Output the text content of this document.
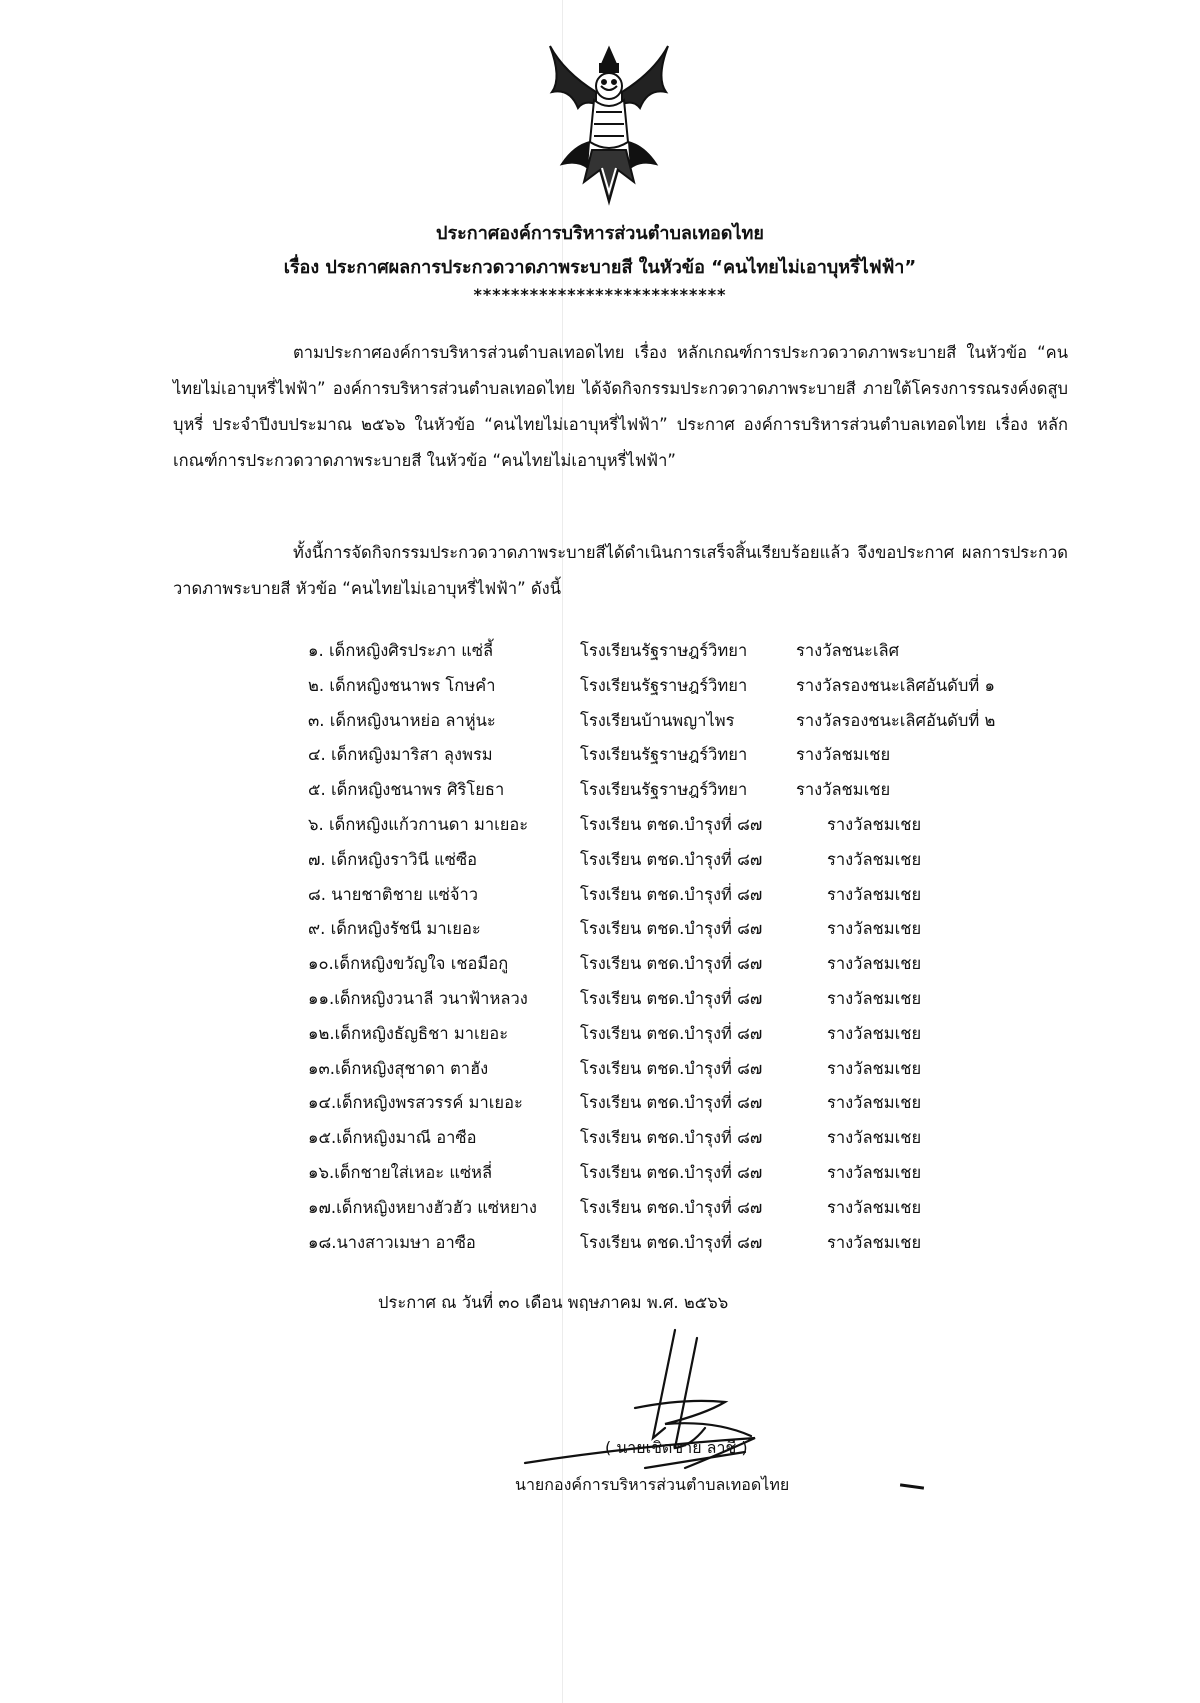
ประกาศองค์การบริหารส่วนตำบลเทอดไทย
เรื่อง ประกาศผลการประกวดวาดภาพระบายสี ในหัวข้อ “คนไทยไม่เอาบุหรี่ไฟฟ้า”
***************************
ตามประกาศองค์การบริหารส่วนตำบลเทอดไทย เรื่อง หลักเกณฑ์การประกวดวาดภาพระบายสี ในหัวข้อ “คนไทยไม่เอาบุหรี่ไฟฟ้า” องค์การบริหารส่วนตำบลเทอดไทย ได้จัดกิจกรรมประกวดวาดภาพระบายสี ภายใต้โครงการรณรงค์งดสูบบุหรี่ ประจำปีงบประมาณ ๒๕๖๖ ในหัวข้อ “คนไทยไม่เอาบุหรี่ไฟฟ้า” ประกาศ องค์การบริหารส่วนตำบลเทอดไทย เรื่อง หลักเกณฑ์การประกวดวาดภาพระบายสี ในหัวข้อ “คนไทยไม่เอาบุหรี่ไฟฟ้า”
ทั้งนี้การจัดกิจกรรมประกวดวาดภาพระบายสีได้ดำเนินการเสร็จสิ้นเรียบร้อยแล้ว จึงขอประกาศ ผลการประกวดวาดภาพระบายสี หัวข้อ “คนไทยไม่เอาบุหรี่ไฟฟ้า” ดังนี้
๑. เด็กหญิงศิรประภา แซ่ลี้	โรงเรียนรัฐราษฎร์วิทยา	รางวัลชนะเลิศ
๒. เด็กหญิงชนาพร โกษคำ	โรงเรียนรัฐราษฎร์วิทยา	รางวัลรองชนะเลิศอันดับที่ ๑
๓. เด็กหญิงนาหย่อ ลาหู่นะ	โรงเรียนบ้านพญาไพร	รางวัลรองชนะเลิศอันดับที่ ๒
๔. เด็กหญิงมาริสา ลุงพรม	โรงเรียนรัฐราษฎร์วิทยา	รางวัลชมเชย
๕. เด็กหญิงชนาพร ศิริโยธา	โรงเรียนรัฐราษฎร์วิทยา	รางวัลชมเชย
๖. เด็กหญิงแก้วกานดา มาเยอะ	โรงเรียน ตชด.บำรุงที่ ๘๗	รางวัลชมเชย
๗. เด็กหญิงราวินี แซ่ซือ	โรงเรียน ตชด.บำรุงที่ ๘๗	รางวัลชมเชย
๘. นายชาติชาย แซ่จ้าว	โรงเรียน ตชด.บำรุงที่ ๘๗	รางวัลชมเชย
๙. เด็กหญิงรัชนี มาเยอะ	โรงเรียน ตชด.บำรุงที่ ๘๗	รางวัลชมเชย
๑๐.เด็กหญิงขวัญใจ เชอมือกู	โรงเรียน ตชด.บำรุงที่ ๘๗	รางวัลชมเชย
๑๑.เด็กหญิงวนาลี วนาฟ้าหลวง	โรงเรียน ตชด.บำรุงที่ ๘๗	รางวัลชมเชย
๑๒.เด็กหญิงธัญธิชา มาเยอะ	โรงเรียน ตชด.บำรุงที่ ๘๗	รางวัลชมเชย
๑๓.เด็กหญิงสุชาดา ตาฮัง	โรงเรียน ตชด.บำรุงที่ ๘๗	รางวัลชมเชย
๑๔.เด็กหญิงพรสวรรค์ มาเยอะ	โรงเรียน ตชด.บำรุงที่ ๘๗	รางวัลชมเชย
๑๕.เด็กหญิงมาณี อาซือ	โรงเรียน ตชด.บำรุงที่ ๘๗	รางวัลชมเชย
๑๖.เด็กชายใส่เหอะ แซ่หลี่	โรงเรียน ตชด.บำรุงที่ ๘๗	รางวัลชมเชย
๑๗.เด็กหญิงหยางฮัวฮัว แซ่หยาง	โรงเรียน ตชด.บำรุงที่ ๘๗	รางวัลชมเชย
๑๘.นางสาวเมษา อาซือ	โรงเรียน ตชด.บำรุงที่ ๘๗	รางวัลชมเชย
ประกาศ ณ วันที่ ๓๐ เดือน พฤษภาคม พ.ศ. ๒๕๖๖
( นายเชิดชาย ลาชี )
นายกองค์การบริหารส่วนตำบลเทอดไทย
